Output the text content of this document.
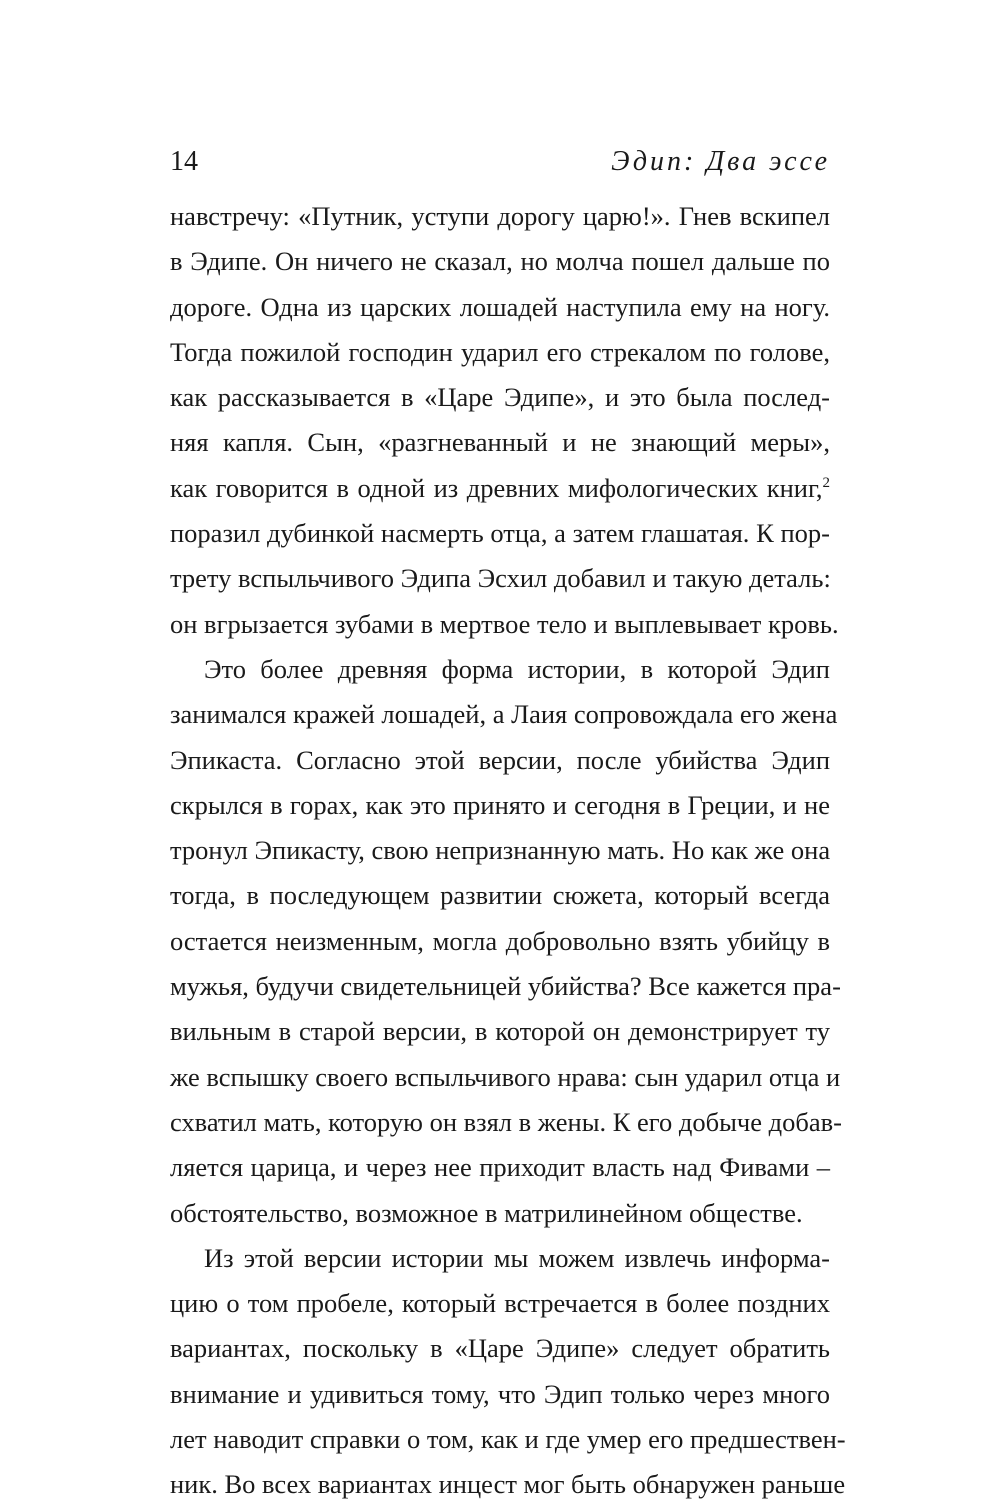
14	Эдип: Два эссе
навстречу: «Путник, уступи дорогу царю!». Гнев вскипел
в Эдипе. Он ничего не сказал, но молча пошел дальше по
дороге. Одна из царских лошадей наступила ему на ногу.
Тогда пожилой господин ударил его стрекалом по голове,
как рассказывается в «Царе Эдипе», и это была послед-
няя капля. Сын, «разгневанный и не знающий меры»,
как говорится в одной из древних мифологических книг,$^2$
поразил дубинкой насмерть отца, а затем глашатая. К пор-
трету вспыльчивого Эдипа Эсхил добавил и такую деталь:
он вгрызается зубами в мертвое тело и выплевывает кровь.
Это более древняя форма истории, в которой Эдип
занимался кражей лошадей, а Лаия сопровождала его жена
Эпикаста. Согласно этой версии, после убийства Эдип
скрылся в горах, как это принято и сегодня в Греции, и не
тронул Эпикасту, свою непризнанную мать. Но как же она
тогда, в последующем развитии сюжета, который всегда
остается неизменным, могла добровольно взять убийцу в
мужья, будучи свидетельницей убийства? Все кажется пра-
вильным в старой версии, в которой он демонстрирует ту
же вспышку своего вспыльчивого нрава: сын ударил отца и
схватил мать, которую он взял в жены. К его добыче добав-
ляется царица, и через нее приходит власть над Фивами –
обстоятельство, возможное в матрилинейном обществе.
Из этой версии истории мы можем извлечь информа-
цию о том пробеле, который встречается в более поздних
вариантах, поскольку в «Царе Эдипе» следует обратить
внимание и удивиться тому, что Эдип только через много
лет наводит справки о том, как и где умер его предшествен-
ник. Во всех вариантах инцест мог быть обнаружен раньше
